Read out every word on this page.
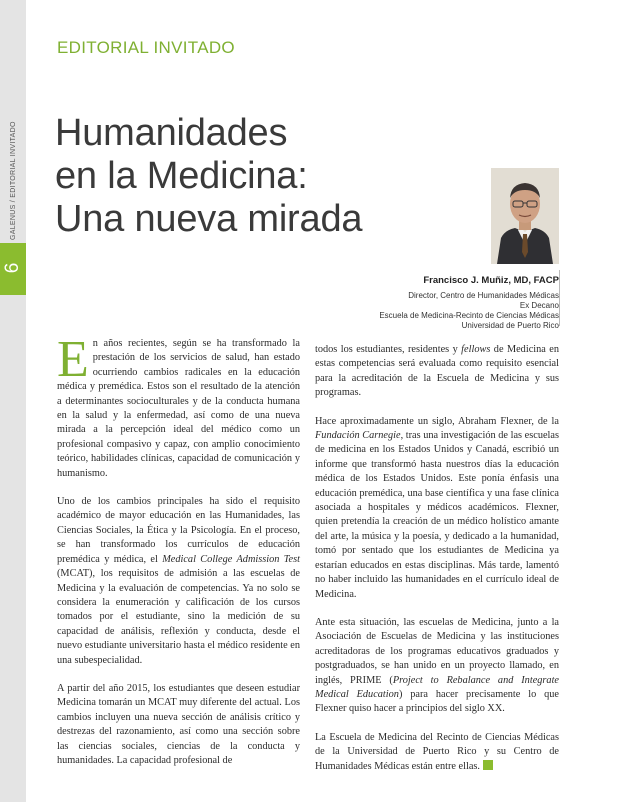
GALENUS / EDITORIAL INVITADO
6
EDITORIAL INVITADO
Humanidades
en la Medicina:
Una nueva mirada
Francisco J. Muñiz, MD, FACP
Director, Centro de Humanidades Médicas
Ex Decano
Escuela de Medicina-Recinto de Ciencias Médicas
Universidad de Puerto Rico

En años recientes, según se ha transformado la prestación de los servicios de salud, han estado ocurriendo cambios radicales en la educación médica y premédica. Estos son el resultado de la atención a determinantes socioculturales y de la conducta humana en la salud y la enfermedad, así como de una nueva mirada a la percepción ideal del médico como un profesional compasivo y capaz, con amplio conocimiento teórico, habilidades clínicas, capacidad de comunicación y humanismo.

Uno de los cambios principales ha sido el requisito académico de mayor educación en las Humanidades, las Ciencias Sociales, la Ética y la Psicología. En el proceso, se han transformado los currículos de educación premédica y médica, el Medical College Admission Test (MCAT), los requisitos de admisión a las escuelas de Medicina y la evaluación de competencias. Ya no solo se considera la enumeración y calificación de los cursos tomados por el estudiante, sino la medición de su capacidad de análisis, reflexión y conducta, desde el nuevo estudiante universitario hasta el médico residente en una subespecialidad.

A partir del año 2015, los estudiantes que deseen estudiar Medicina tomarán un MCAT muy diferente del actual. Los cambios incluyen una nueva sección de análisis crítico y destrezas del razonamiento, así como una sección sobre las ciencias sociales, ciencias de la conducta y humanidades. La capacidad profesional de

todos los estudiantes, residentes y fellows de Medicina en estas competencias será evaluada como requisito esencial para la acreditación de la Escuela de Medicina y sus programas.

Hace aproximadamente un siglo, Abraham Flexner, de la Fundación Carnegie, tras una investigación de las escuelas de medicina en los Estados Unidos y Canadá, escribió un informe que transformó hasta nuestros días la educación médica de los Estados Unidos. Este ponía énfasis una educación premédica, una base científica y una fase clínica asociada a hospitales y médicos académicos. Flexner, quien pretendía la creación de un médico holístico amante del arte, la música y la poesía, y dedicado a la humanidad, tomó por sentado que los estudiantes de Medicina ya estarían educados en estas disciplinas. Más tarde, lamentó no haber incluido las humanidades en el currículo ideal de Medicina.

Ante esta situación, las escuelas de Medicina, junto a la Asociación de Escuelas de Medicina y las instituciones acreditadoras de los programas educativos graduados y postgraduados, se han unido en un proyecto llamado, en inglés, PRIME (Project to Rebalance and Integrate Medical Education) para hacer precisamente lo que Flexner quiso hacer a principios del siglo XX.

La Escuela de Medicina del Recinto de Ciencias Médicas de la Universidad de Puerto Rico y su Centro de Humanidades Médicas están entre ellas.
